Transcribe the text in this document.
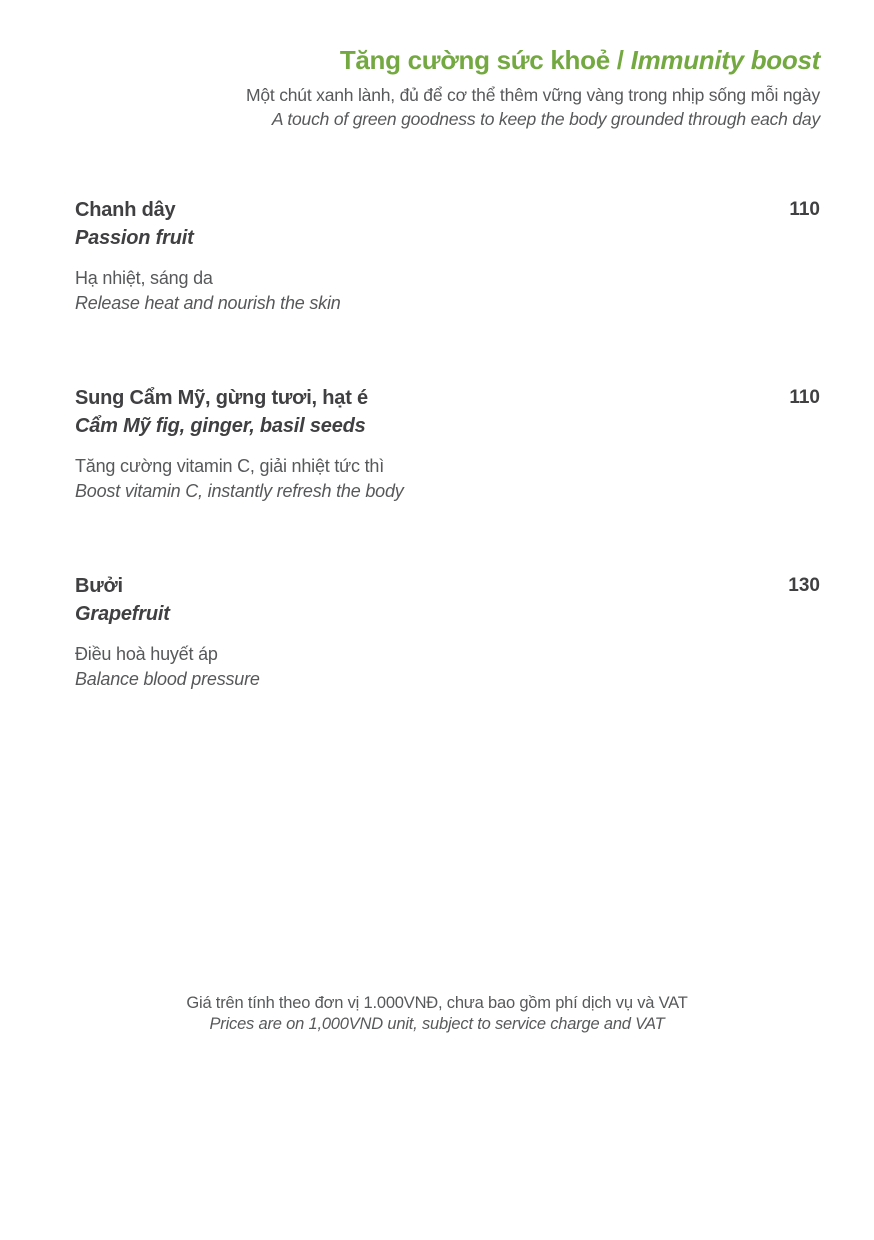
Tăng cường sức khoẻ / Immunity boost
Một chút xanh lành, đủ để cơ thể thêm vững vàng trong nhịp sống mỗi ngày
A touch of green goodness to keep the body grounded through each day
Chanh dây
Passion fruit
110
Hạ nhiệt, sáng da
Release heat and nourish the skin
Sung Cẩm Mỹ, gừng tươi, hạt é
Cẩm Mỹ fig, ginger, basil seeds
110
Tăng cường vitamin C, giải nhiệt tức thì
Boost vitamin C, instantly refresh the body
Bưởi
Grapefruit
130
Điều hoà huyết áp
Balance blood pressure
Giá trên tính theo đơn vị 1.000VNĐ, chưa bao gồm phí dịch vụ và VAT
Prices are on 1,000VND unit, subject to service charge and VAT
